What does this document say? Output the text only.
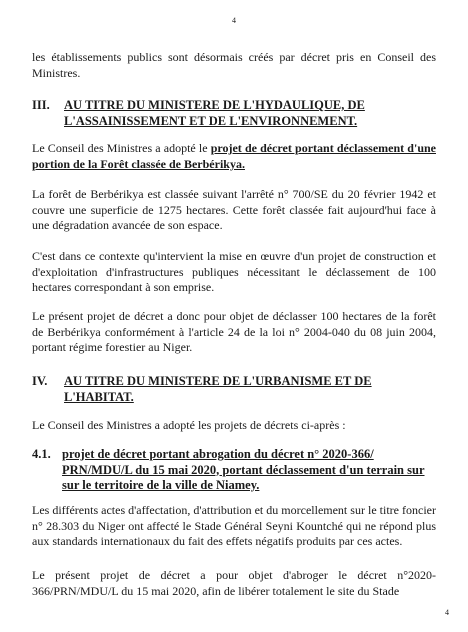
4
les établissements publics sont désormais créés par décret pris en Conseil des Ministres.
III. AU TITRE DU MINISTERE DE L'HYDAULIQUE, DE
L'ASSAINISSEMENT ET DE L'ENVIRONNEMENT.
Le Conseil des Ministres a adopté le projet de décret portant déclassement d'une portion de la Forêt classée de Berbérikya.
La forêt de Berbérikya est classée suivant l'arrêté n° 700/SE du 20 février 1942 et couvre une superficie de 1275 hectares. Cette forêt classée fait aujourd'hui face à une dégradation avancée de son espace.
C'est dans ce contexte qu'intervient la mise en œuvre d'un projet de construction et d'exploitation d'infrastructures publiques nécessitant le déclassement de 100 hectares correspondant à son emprise.
Le présent projet de décret a donc pour objet de déclasser 100 hectares de la forêt de Berbérikya conformément à l'article 24 de la loi n° 2004-040 du 08 juin 2004, portant régime forestier au Niger.
IV. AU TITRE DU MINISTERE DE L'URBANISME ET DE
L'HABITAT.
Le Conseil des Ministres a adopté les projets de décrets ci-après :
4.1. projet de décret portant abrogation du décret n° 2020-366/ PRN/MDU/L du 15 mai 2020, portant déclassement d'un terrain sur sur le territoire de la ville de Niamey.
Les différents actes d'affectation, d'attribution et du morcellement sur le titre foncier n° 28.303 du Niger ont affecté le Stade Général Seyni Kountché qui ne répond plus aux standards internationaux du fait des effets négatifs produits par ces actes.
Le présent projet de décret a pour objet d'abroger le décret n°2020-366/PRN/MDU/L du 15 mai 2020, afin de libérer totalement le site du Stade
4
